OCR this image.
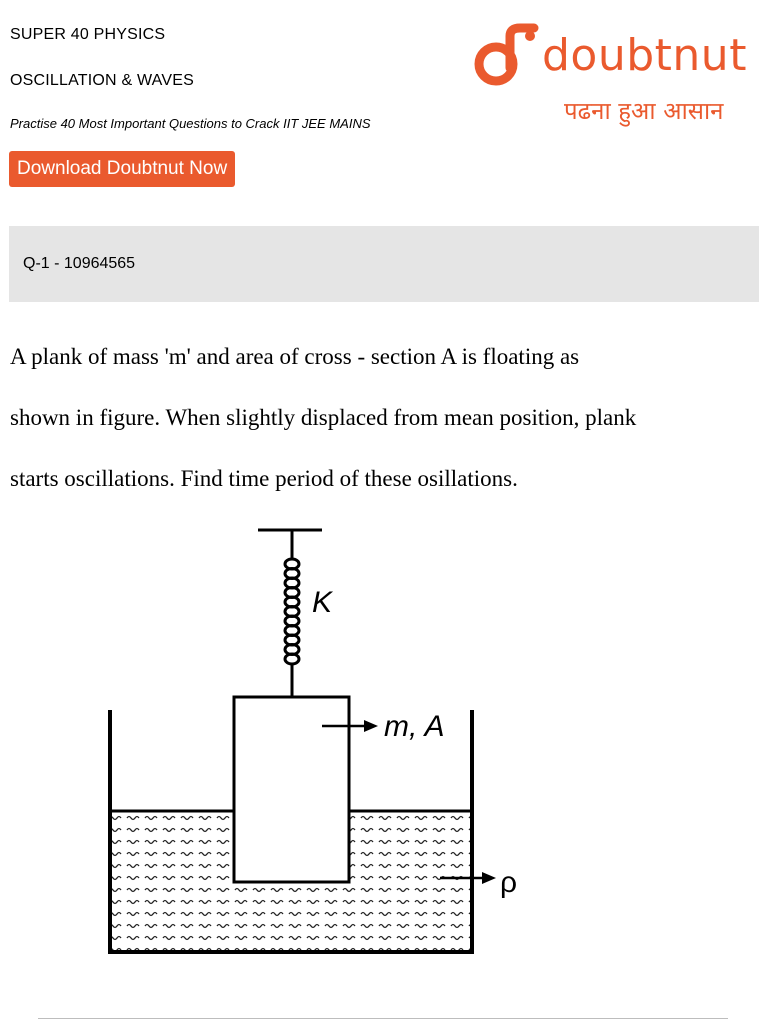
SUPER 40 PHYSICS
OSCILLATION & WAVES
Practise 40 Most Important Questions to Crack IIT JEE MAINS
Download Doubtnut Now
doubtnut
पढना हुआ आसान
Q-1 - 10964565

A plank of mass 'm' and area of cross - section A is floating as

shown in figure. When slightly displaced from mean position, plank

starts oscillations. Find time period of these osillations.

K
m, A
ρ
